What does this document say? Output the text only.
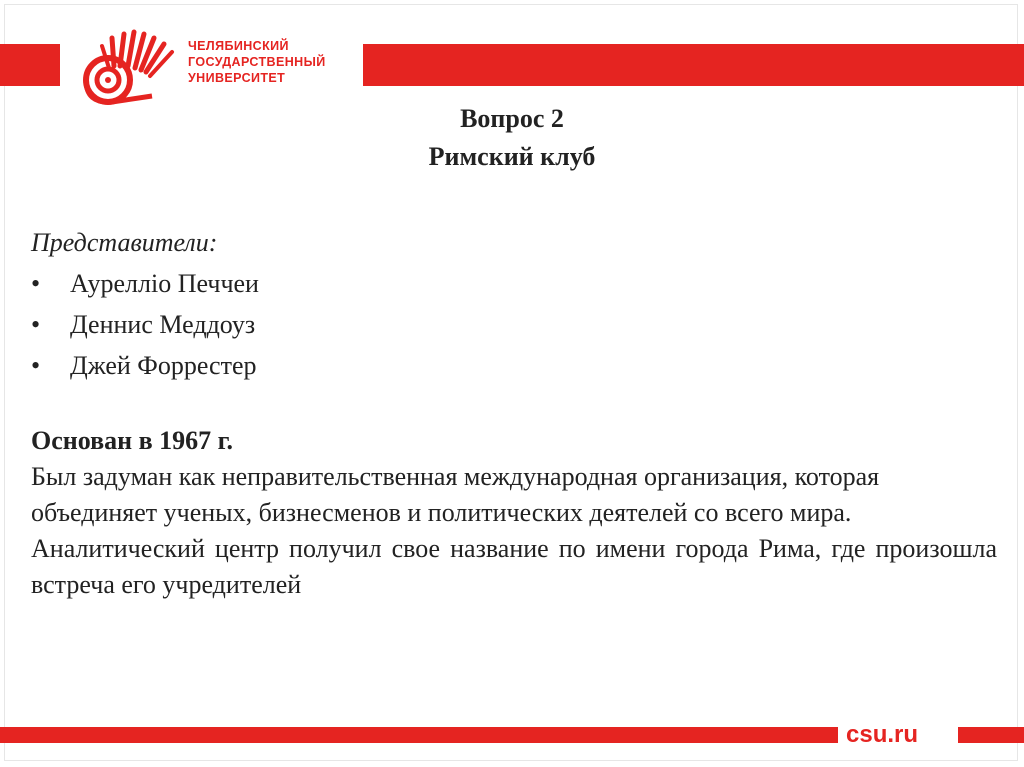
ЧЕЛЯБИНСКИЙ
ГОСУДАРСТВЕННЫЙ
УНИВЕРСИТЕТ
Вопрос 2
Римский клуб
Представители:
• Аурелліо Печчеи
• Деннис Меддоуз
• Джей Форрестер
Основан в 1967 г.
Был задуман как неправительственная международная организация, которая объединяет ученых, бизнесменов и политических деятелей со всего мира.
Аналитический центр получил свое название по имени города Рима, где произошла встреча его учредителей
csu.ru
